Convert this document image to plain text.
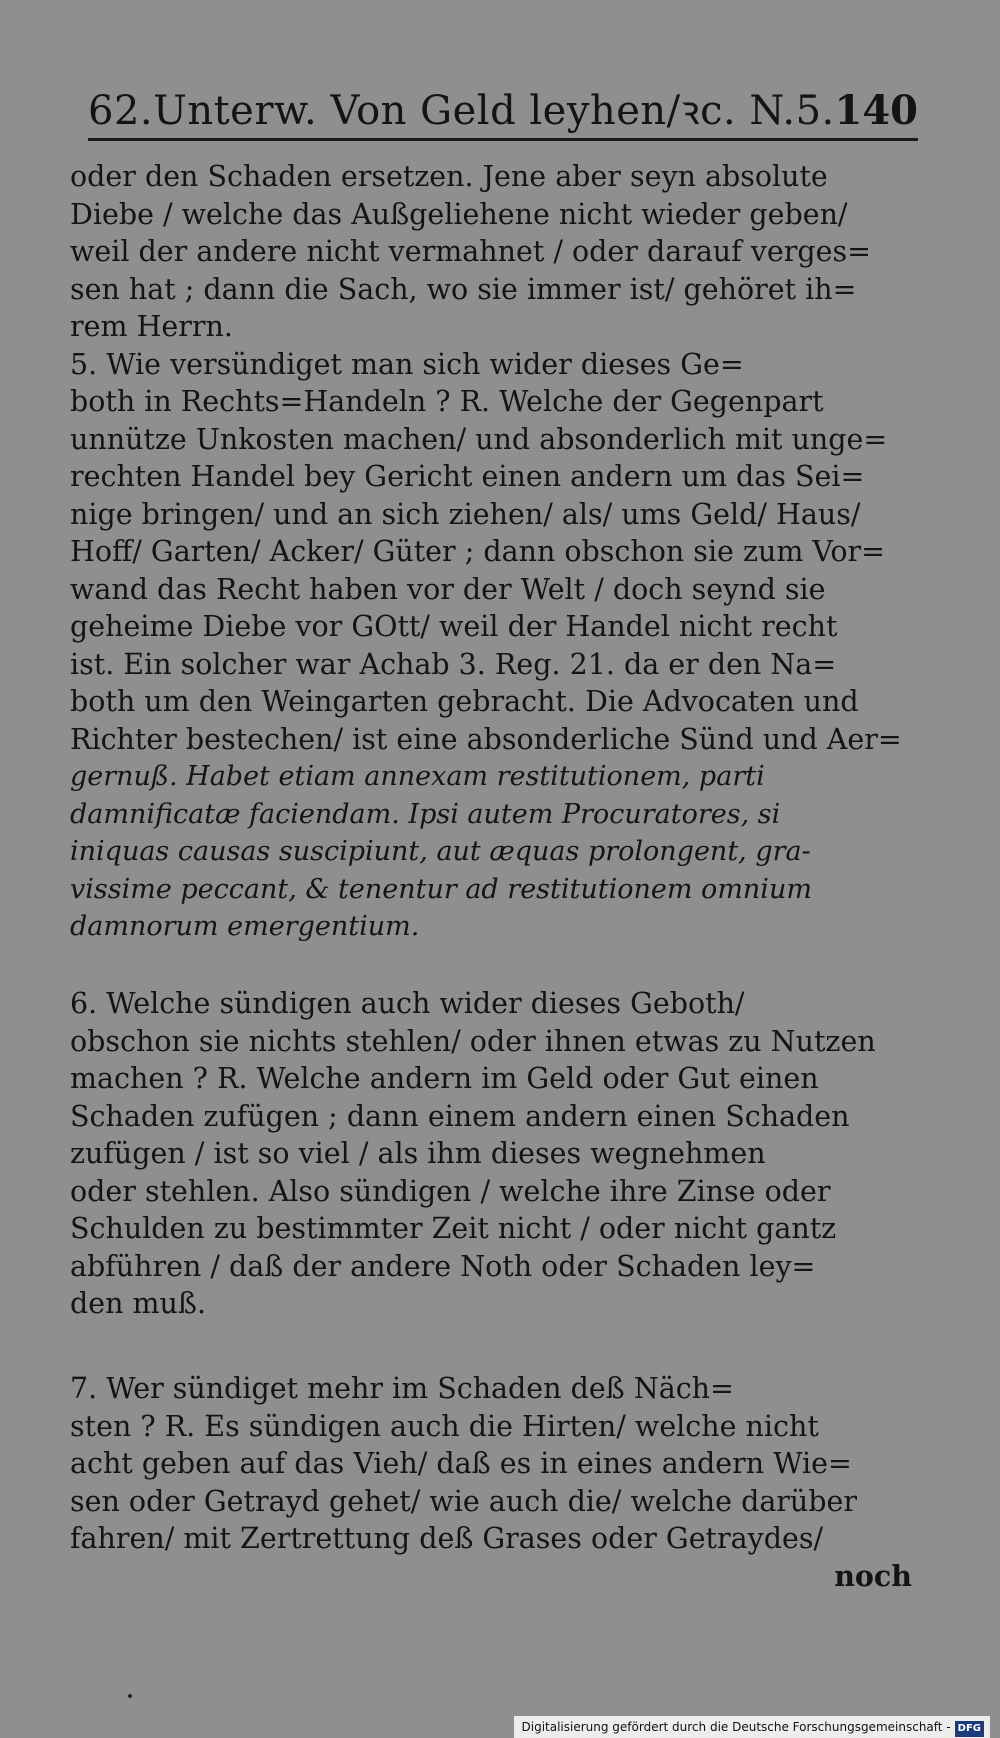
62.Unterw. Von Geld leyhen/ꝛc. N.5. 140
oder den Schaden ersetzen. Jene aber seyn absolute
Diebe / welche das Außgeliehene nicht wieder geben/
weil der andere nicht vermahnet / oder darauf verges=
sen hat ; dann die Sach, wo sie immer ist/ gehöret ih=
rem Herrn.
5. Wie versündiget man sich wider dieses Ge=
both in Rechts=Handeln ? R. Welche der Gegenpart
unnütze Unkosten machen/ und absonderlich mit unge=
rechten Handel bey Gericht einen andern um das Sei=
nige bringen/ und an sich ziehen/ als/ ums Geld/ Haus/
Hoff/ Garten/ Acker/ Güter ; dann obschon sie zum Vor=
wand das Recht haben vor der Welt / doch seynd sie
geheime Diebe vor GOtt/ weil der Handel nicht recht
ist. Ein solcher war Achab 3. Reg. 21. da er den Na=
both um den Weingarten gebracht. Die Advocaten und
Richter bestechen/ ist eine absonderliche Sünd und Aer=
gernuß. Habet etiam annexam restitutionem, parti
damnificatæ faciendam. Ipsi autem Procuratores, si
iniquas causas suscipiunt, aut æquas prolongent, gra-
vissime peccant, & tenentur ad restitutionem omnium
damnorum emergentium.
6. Welche sündigen auch wider dieses Geboth/
obschon sie nichts stehlen/ oder ihnen etwas zu Nutzen
machen ? R. Welche andern im Geld oder Gut einen
Schaden zufügen ; dann einem andern einen Schaden
zufügen / ist so viel / als ihm dieses wegnehmen
oder stehlen. Also sündigen / welche ihre Zinse oder
Schulden zu bestimmter Zeit nicht / oder nicht gantz
abführen / daß der andere Noth oder Schaden ley=
den muß.
7. Wer sündiget mehr im Schaden deß Näch=
sten ? R. Es sündigen auch die Hirten/ welche nicht
acht geben auf das Vieh/ daß es in eines andern Wie=
sen oder Getrayd gehet/ wie auch die/ welche darüber
fahren/ mit Zertrettung deß Grases oder Getraydes/
noch
Digitalisierung gefördert durch die Deutsche Forschungsgemeinschaft - DFG
